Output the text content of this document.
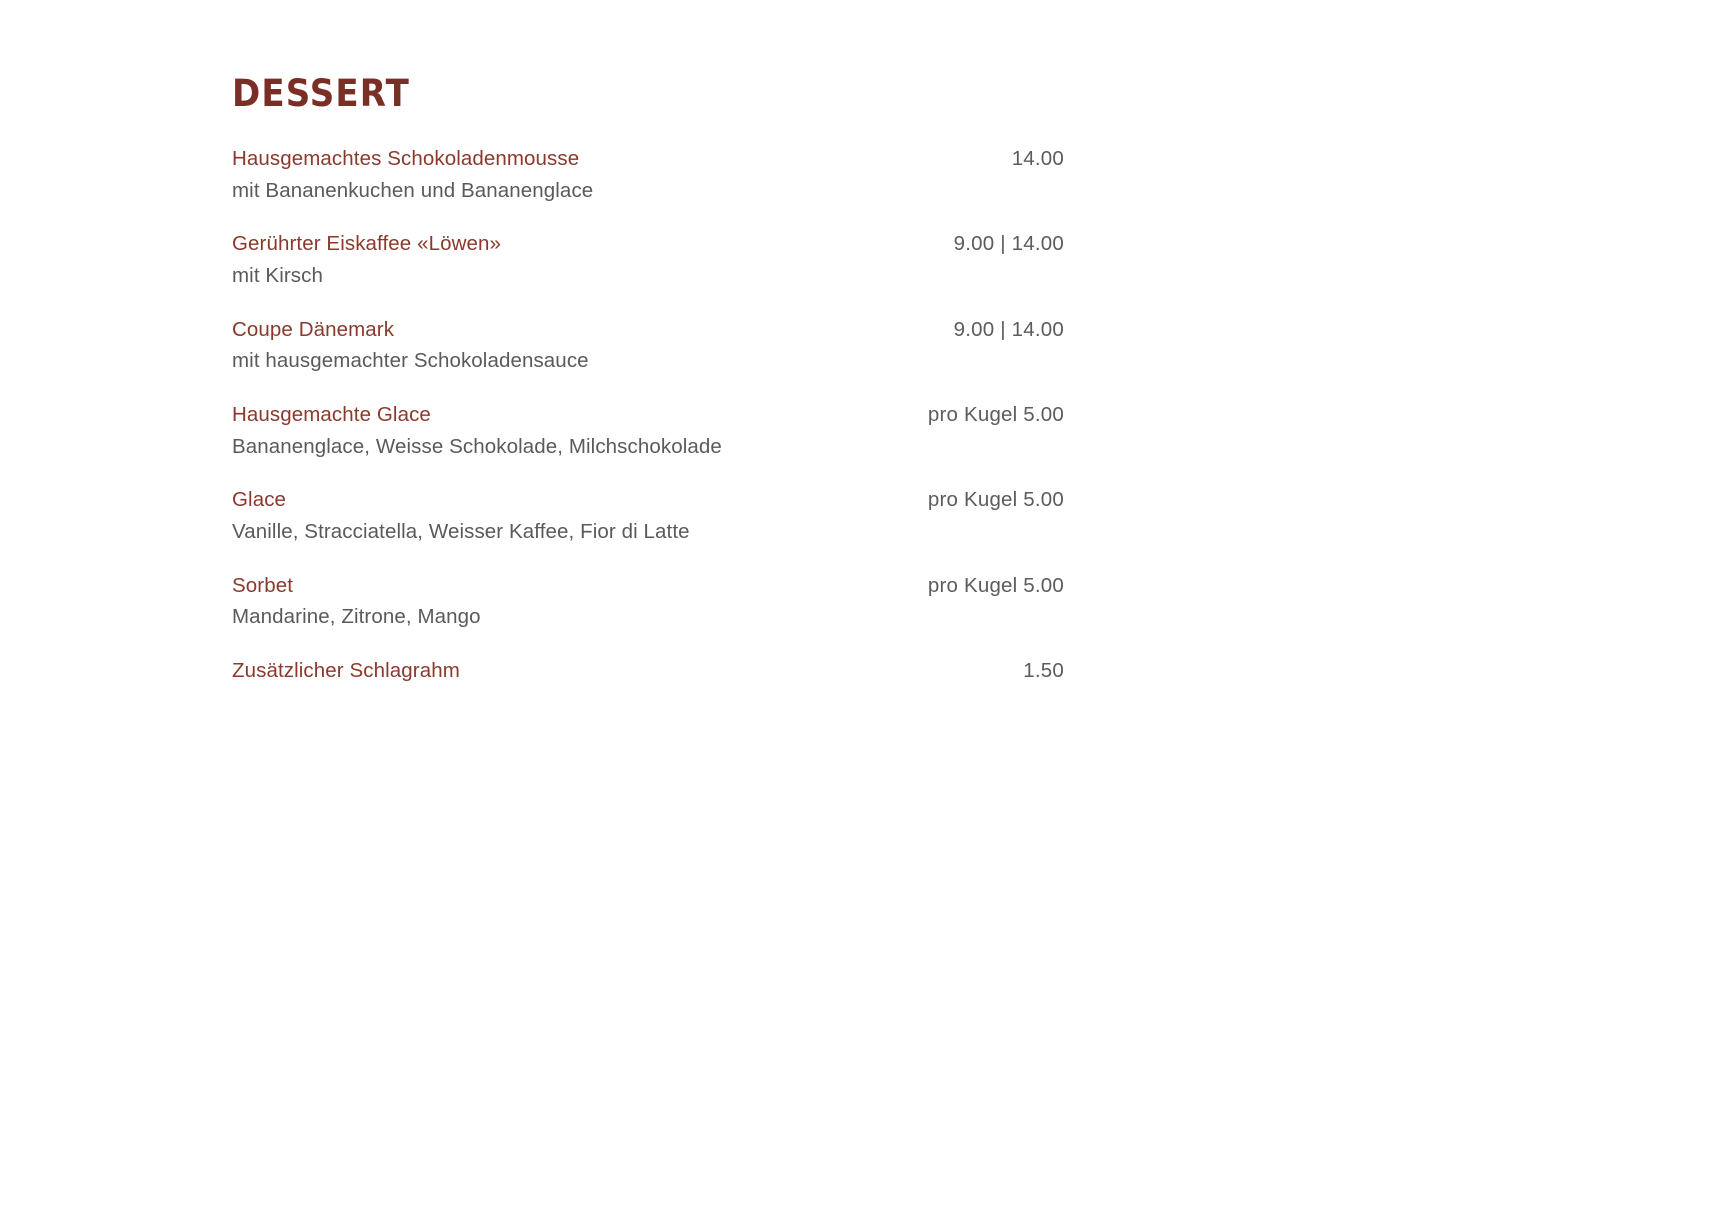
DESSERT
Hausgemachtes Schokoladenmousse	14.00
mit Bananenkuchen und Bananenglace
Gerührter Eiskaffee «Löwen»	9.00 | 14.00
mit Kirsch
Coupe Dänemark	9.00 | 14.00
mit hausgemachter Schokoladensauce
Hausgemachte Glace	pro Kugel 5.00
Bananenglace, Weisse Schokolade, Milchschokolade
Glace	pro Kugel 5.00
Vanille, Stracciatella, Weisser Kaffee, Fior di Latte
Sorbet	pro Kugel 5.00
Mandarine, Zitrone, Mango
Zusätzlicher Schlagrahm	1.50
